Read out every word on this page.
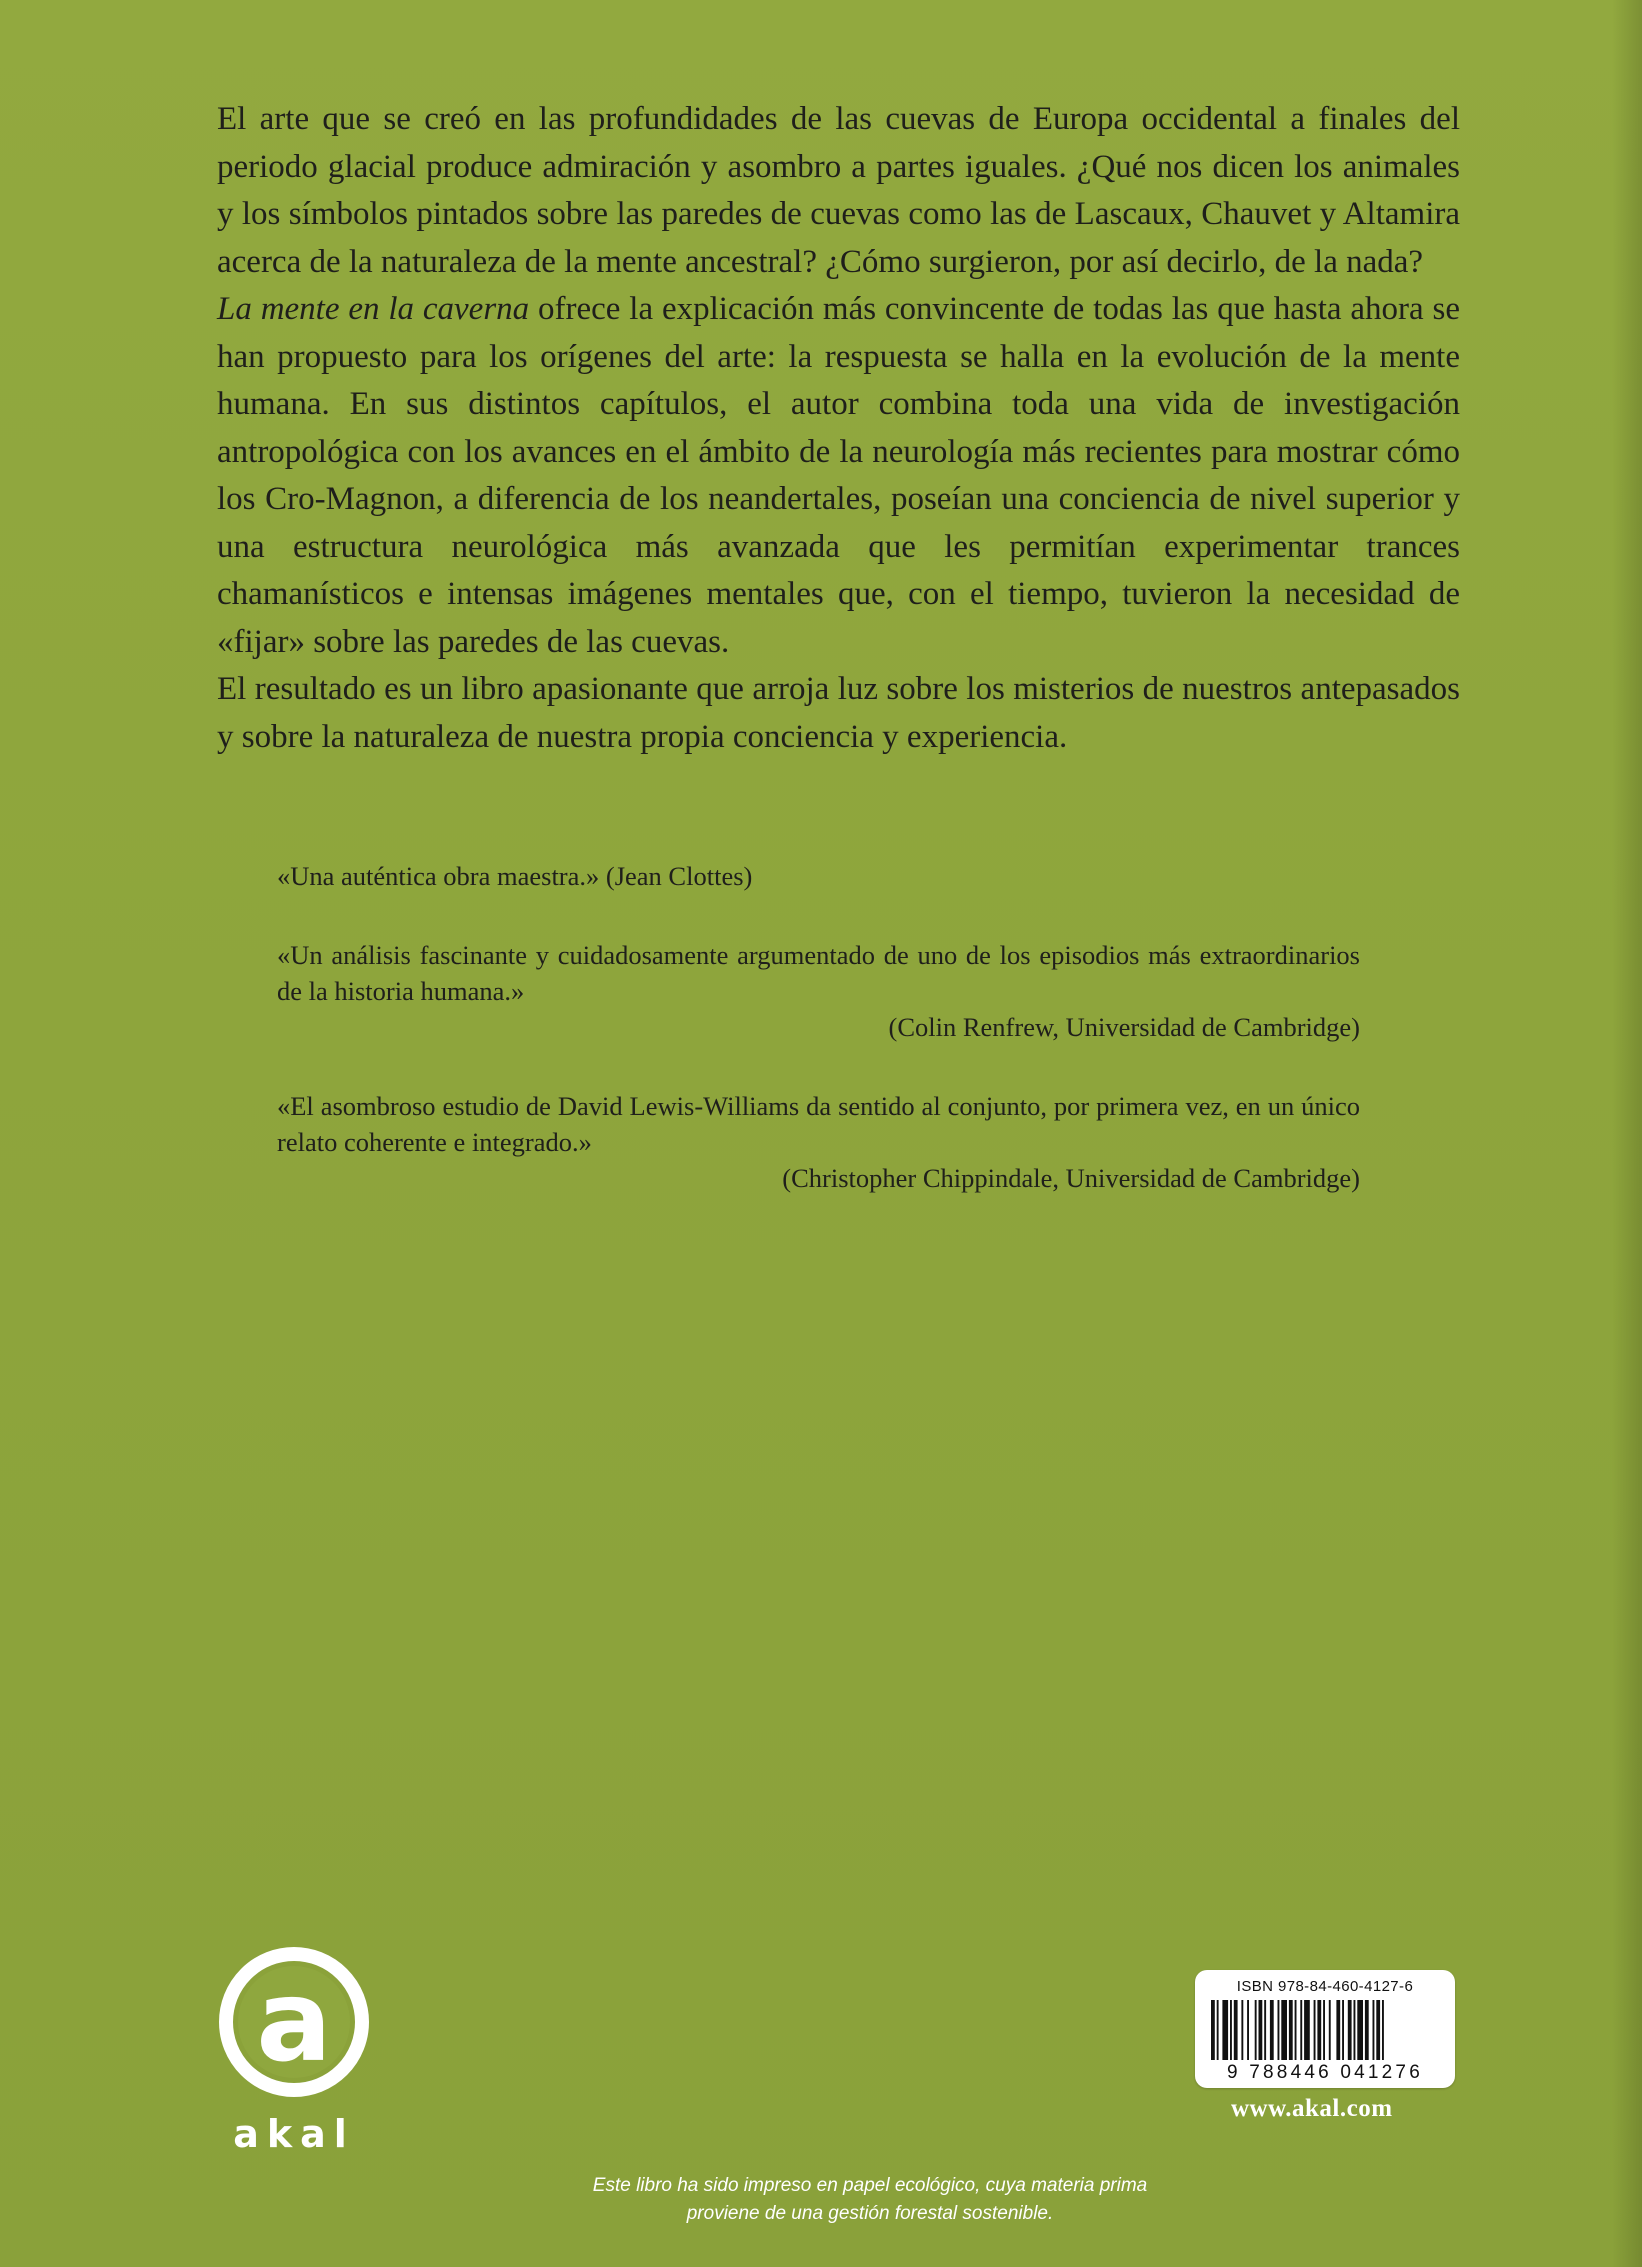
El arte que se creó en las profundidades de las cuevas de Europa occidental a finales del periodo glacial produce admiración y asombro a partes iguales. ¿Qué nos dicen los animales y los símbolos pintados sobre las paredes de cuevas como las de Lascaux, Chauvet y Altamira acerca de la naturaleza de la mente ancestral? ¿Cómo surgieron, por así decirlo, de la nada?

La mente en la caverna ofrece la explicación más convincente de todas las que hasta ahora se han propuesto para los orígenes del arte: la respuesta se halla en la evolución de la mente humana. En sus distintos capítulos, el autor combina toda una vida de investigación antropológica con los avances en el ámbito de la neurología más recientes para mostrar cómo los Cro-Magnon, a diferencia de los neandertales, poseían una conciencia de nivel superior y una estructura neurológica más avanzada que les permitían experimentar trances chamanísticos e intensas imágenes mentales que, con el tiempo, tuvieron la necesidad de «fijar» sobre las paredes de las cuevas.

El resultado es un libro apasionante que arroja luz sobre los misterios de nuestros antepasados y sobre la naturaleza de nuestra propia conciencia y experiencia.

«Una auténtica obra maestra.» (Jean Clottes)

«Un análisis fascinante y cuidadosamente argumentado de uno de los episodios más extraordinarios de la historia humana.»

(Colin Renfrew, Universidad de Cambridge)

«El asombroso estudio de David Lewis-Williams da sentido al conjunto, por primera vez, en un único relato coherente e integrado.»

(Christopher Chippindale, Universidad de Cambridge)

a
akal
ISBN 978-84-460-4127-6
9 788446 041276
www.akal.com
Este libro ha sido impreso en papel ecológico, cuya materia prima
proviene de una gestión forestal sostenible.
